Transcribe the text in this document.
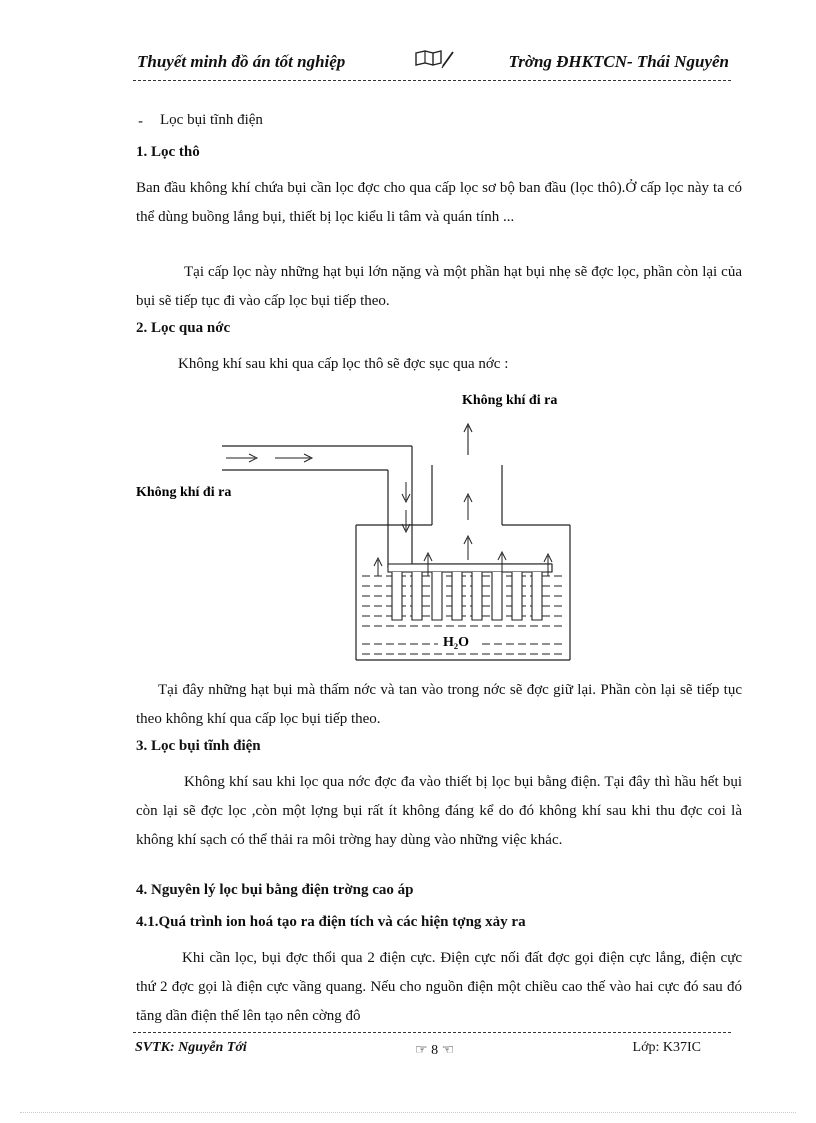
Thuyết minh đồ án tốt nghiệp	Trờng ĐHKTCN- Thái Nguyên
- Lọc bụi tĩnh điện
1. Lọc thô
Ban đầu không khí chứa bụi cần lọc đợc cho qua cấp lọc sơ bộ ban đầu (lọc thô).Ở cấp lọc này ta có thể dùng buồng lắng bụi, thiết bị lọc kiểu li tâm và quán tính ...
Tại cấp lọc này những hạt bụi lớn nặng và một phần hạt bụi nhẹ sẽ đợc lọc, phần còn lại của bụi sẽ tiếp tục đi vào cấp lọc bụi tiếp theo.
2. Lọc qua nớc
Không khí sau khi qua cấp lọc thô sẽ đợc sục qua nớc :
Không khí đi ra
Không khí đi ra
H₂O
Tại đây những hạt bụi mà thấm nớc và tan vào trong nớc sẽ đợc giữ lại. Phần còn lại sẽ tiếp tục theo không khí qua cấp lọc bụi tiếp theo.
3. Lọc bụi tĩnh điện
Không khí sau khi lọc qua nớc đợc đa vào thiết bị lọc bụi bằng điện. Tại đây thì hầu hết bụi còn lại sẽ đợc lọc ,còn một lợng bụi rất ít không đáng kể do đó không khí sau khi thu đợc coi là không khí sạch có thể thải ra môi trờng hay dùng vào những việc khác.
4. Nguyên lý lọc bụi bằng điện trờng cao áp
4.1.Quá trình ion hoá tạo ra điện tích và các hiện tợng xảy ra
Khi cần lọc, bụi đợc thổi qua 2 điện cực. Điện cực nối đất đợc gọi điện cực lắng, điện cực thứ 2 đợc gọi là điện cực vầng quang. Nếu cho nguồn điện một chiều cao thế vào hai cực đó sau đó tăng dần điện thế lên tạo nên cờng đô
SVTK: Nguyễn Tới	☞ 8 ☜	Lớp: K37IC
